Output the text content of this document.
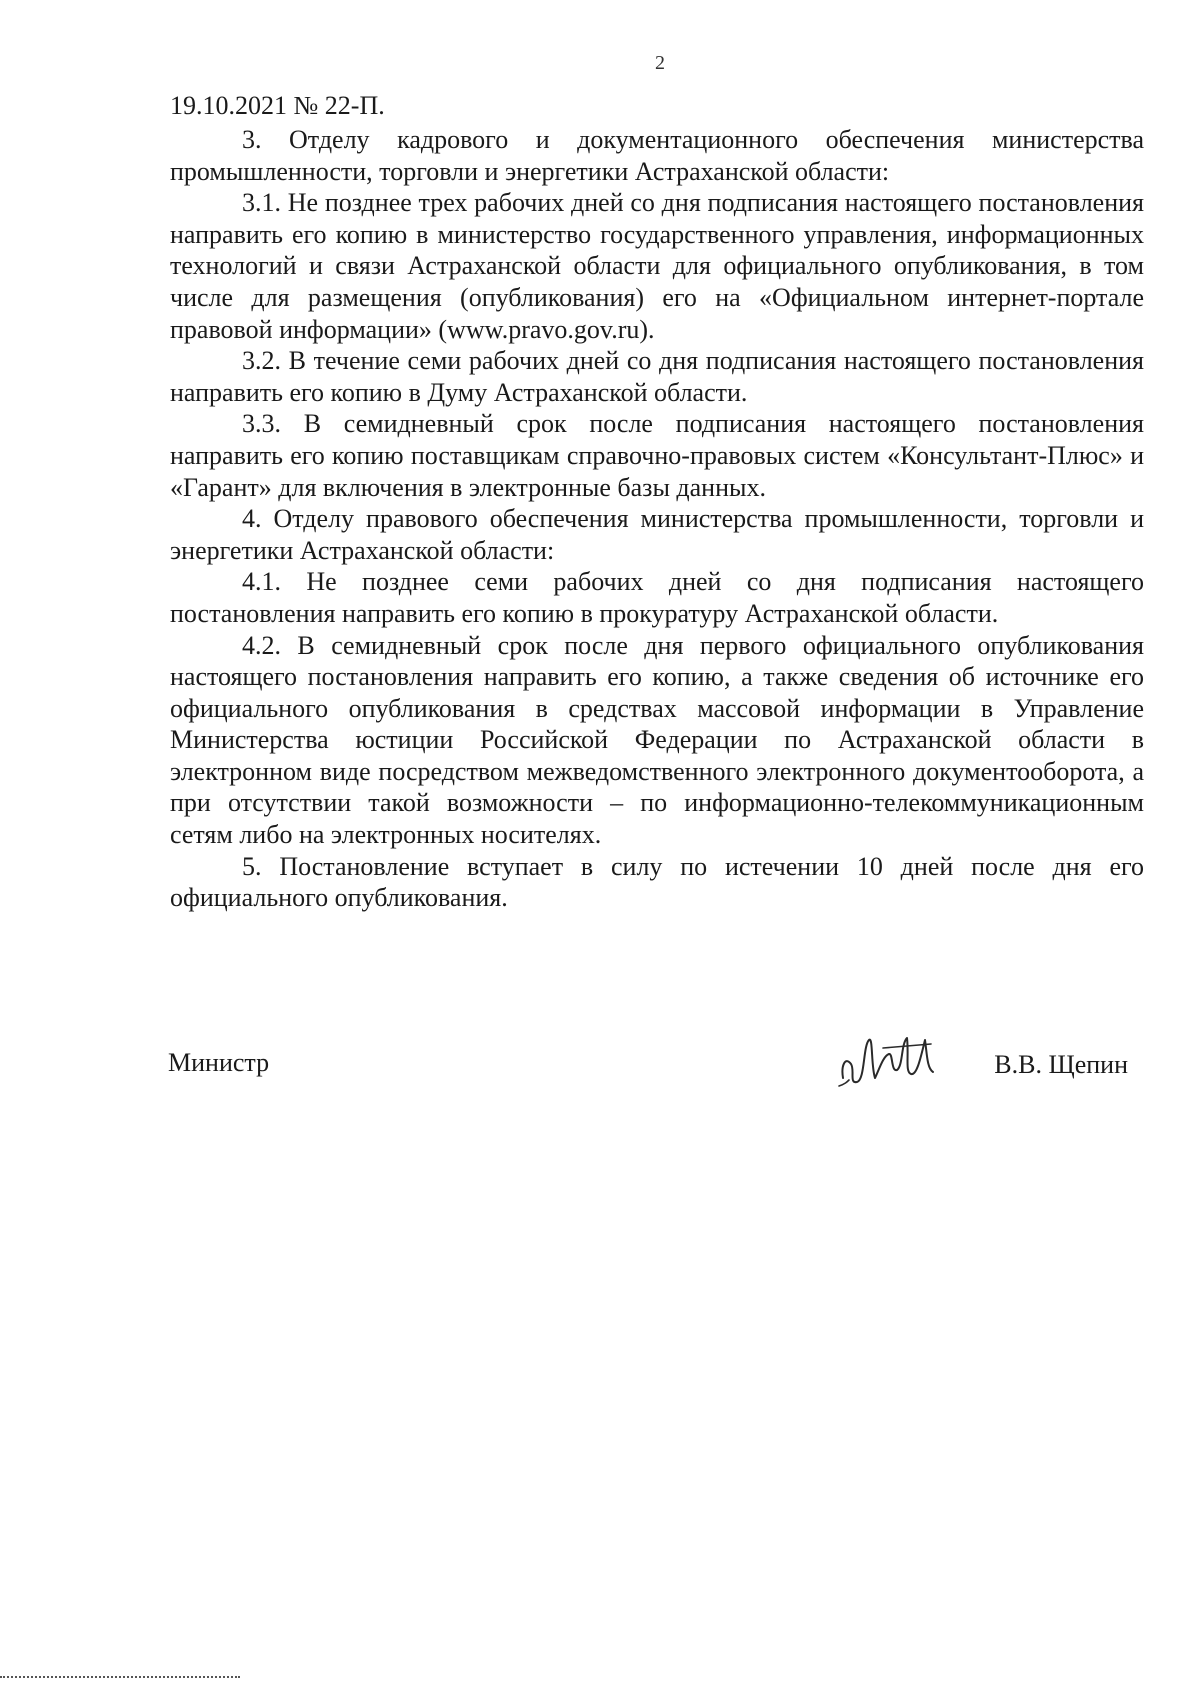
2
19.10.2021 № 22-П.

3. Отделу кадрового и документационного обеспечения министерства промышленности, торговли и энергетики Астраханской области:

3.1. Не позднее трех рабочих дней со дня подписания настоящего постановления направить его копию в министерство государственного управления, информационных технологий и связи Астраханской области для официального опубликования, в том числе для размещения (опубликования) его на «Официальном интернет-портале правовой информации» (www.pravo.gov.ru).

3.2. В течение семи рабочих дней со дня подписания настоящего постановления направить его копию в Думу Астраханской области.

3.3. В семидневный срок после подписания настоящего постановления направить его копию поставщикам справочно-правовых систем «Консультант-Плюс» и «Гарант» для включения в электронные базы данных.

4. Отделу правового обеспечения министерства промышленности, торговли и энергетики Астраханской области:

4.1. Не позднее семи рабочих дней со дня подписания настоящего постановления направить его копию в прокуратуру Астраханской области.

4.2. В семидневный срок после дня первого официального опубликования настоящего постановления направить его копию, а также сведения об источнике его официального опубликования в средствах массовой информации в Управление Министерства юстиции Российской Федерации по Астраханской области в электронном виде посредством межведомственного электронного документооборота, а при отсутствии такой возможности – по информационно-телекоммуникационным сетям либо на электронных носителях.

5. Постановление вступает в силу по истечении 10 дней после дня его официального опубликования.

Министр	В.В. Щепин
